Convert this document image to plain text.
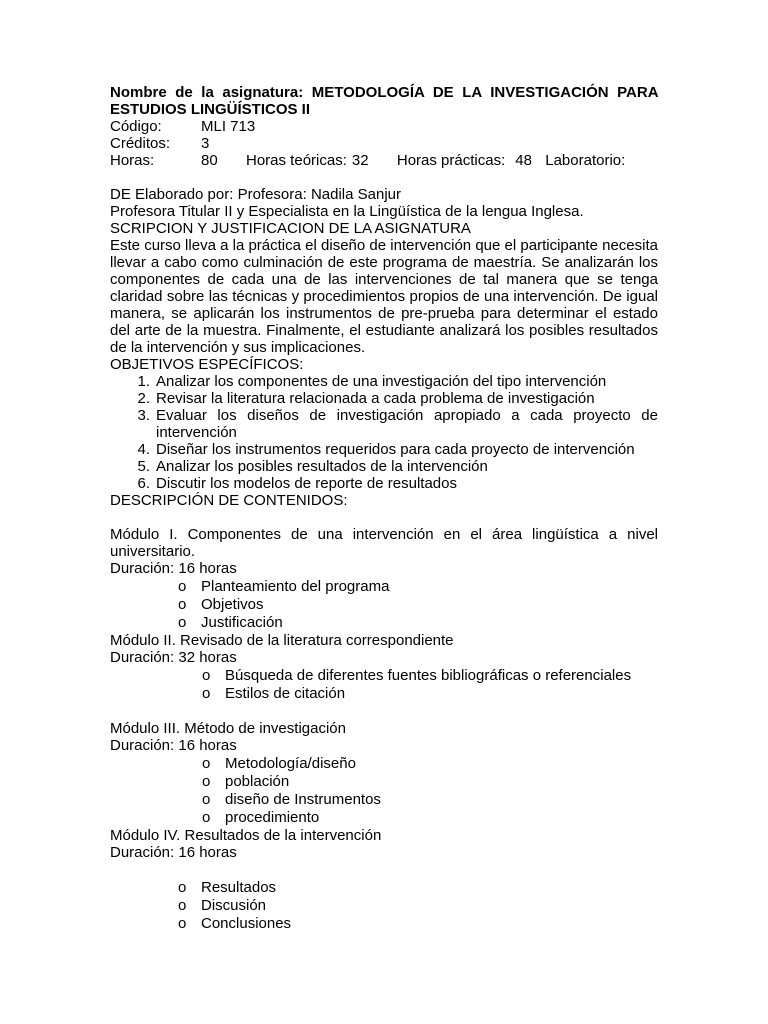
Nombre de la asignatura: METODOLOGÍA DE LA INVESTIGACIÓN PARA ESTUDIOS LINGÜÍSTICOS II
Código:	MLI 713
Créditos:	3
Horas:	80	Horas teóricas: 32	Horas prácticas: 48 Laboratorio:
DE Elaborado por: Profesora: Nadila Sanjur
Profesora Titular II y Especialista en la Lingüística de la lengua Inglesa.
SCRIPCION Y JUSTIFICACION DE LA ASIGNATURA
Este curso lleva a la práctica el diseño de intervención que el participante necesita llevar a cabo como culminación de este programa de maestría. Se analizarán los componentes de cada una de las intervenciones de tal manera que se tenga claridad sobre las técnicas y procedimientos propios de una intervención. De igual manera, se aplicarán los instrumentos de pre-prueba para determinar el estado del arte de la muestra. Finalmente, el estudiante analizará los posibles resultados de la intervención y sus implicaciones.
OBJETIVOS ESPECÍFICOS:
1. Analizar los componentes de una investigación del tipo intervención
2. Revisar la literatura relacionada a cada problema de investigación
3. Evaluar los diseños de investigación apropiado a cada proyecto de intervención
4. Diseñar los instrumentos requeridos para cada proyecto de intervención
5. Analizar los posibles resultados de la intervención
6. Discutir los modelos de reporte de resultados
DESCRIPCIÓN DE CONTENIDOS:
Módulo I. Componentes de una intervención en el área lingüística a nivel universitario.
Duración: 16 horas
o Planteamiento del programa
o Objetivos
o Justificación
Módulo II. Revisado de la literatura correspondiente
Duración: 32 horas
o Búsqueda de diferentes fuentes bibliográficas o referenciales
o Estilos de citación
Módulo III. Método de investigación
Duración: 16 horas
o Metodología/diseño
o población
o diseño de Instrumentos
o procedimiento
Módulo IV. Resultados de la intervención
Duración: 16 horas
o Resultados
o Discusión
o Conclusiones
